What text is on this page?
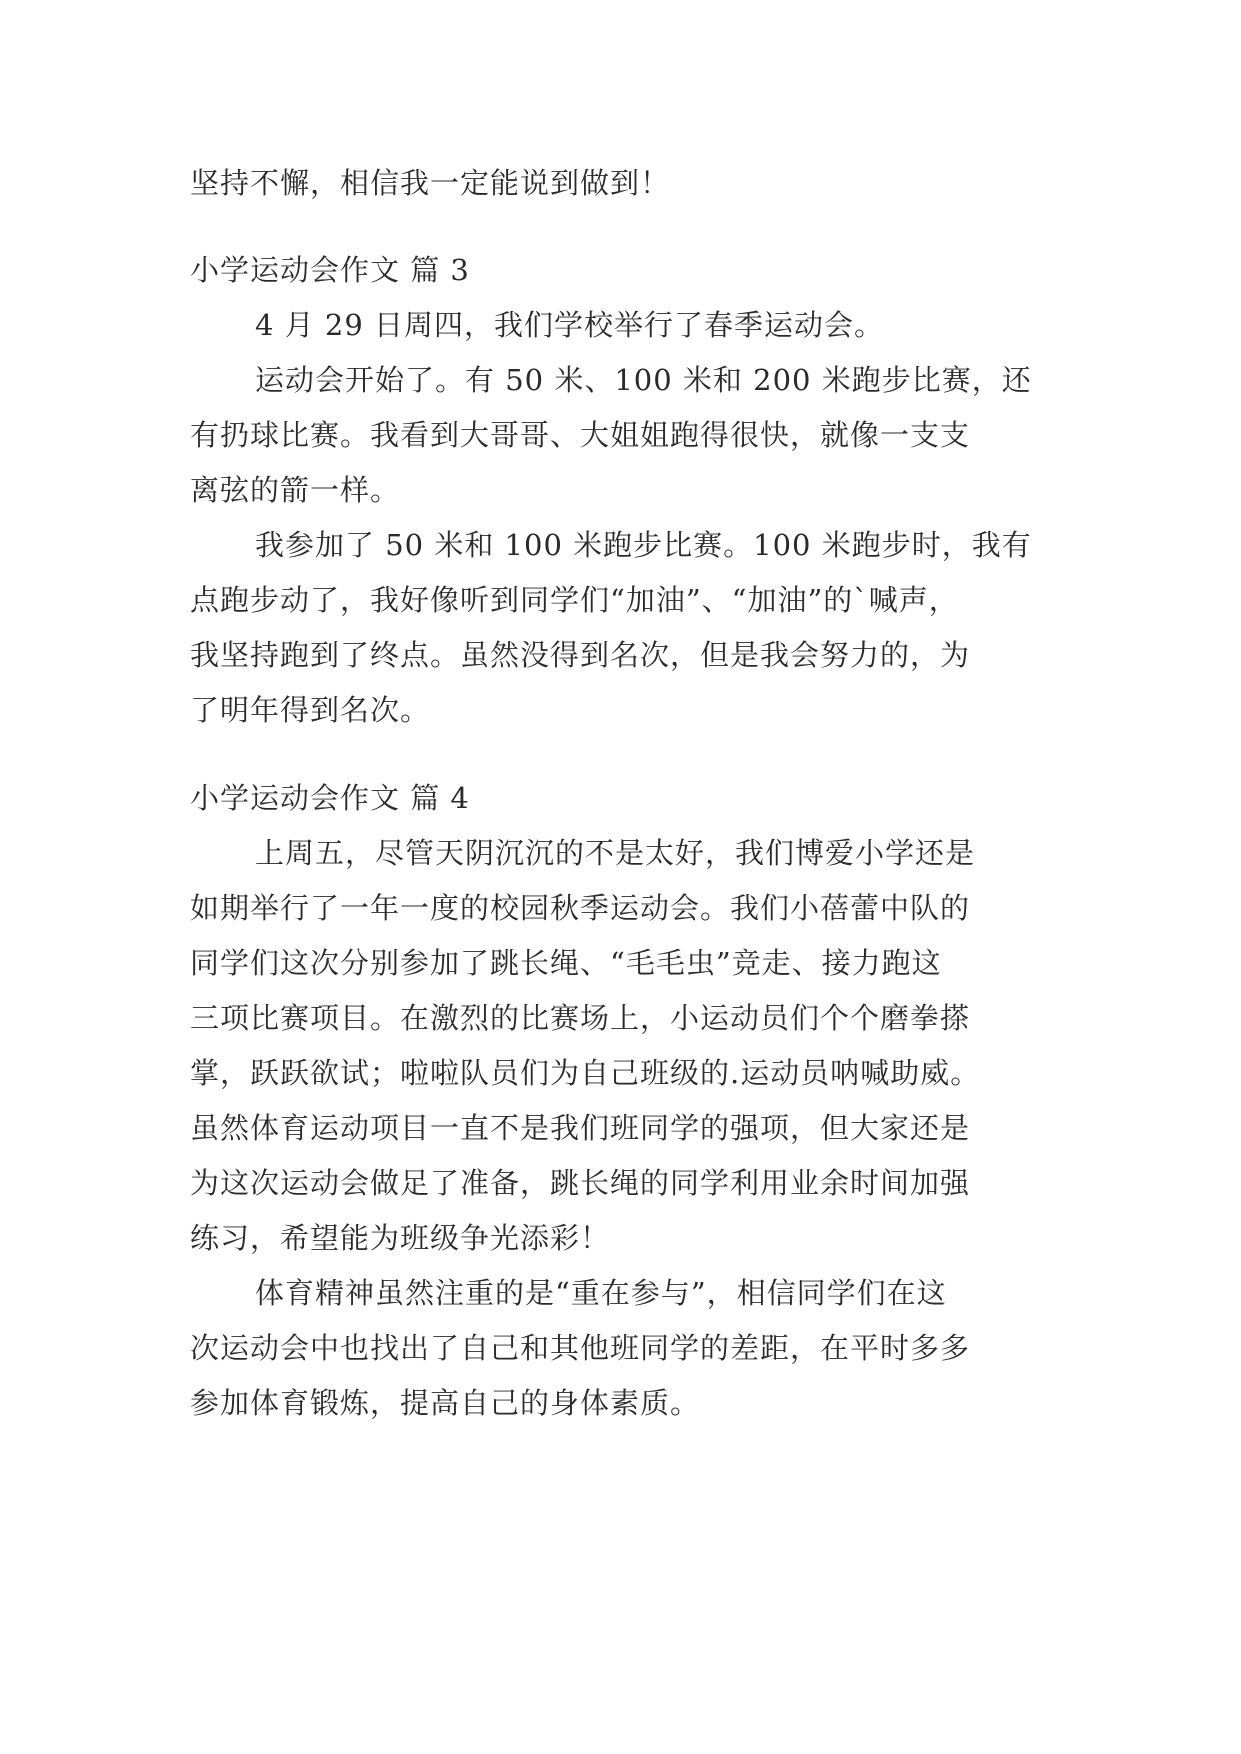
坚持不懈，相信我一定能说到做到！
小学运动会作文 篇 3
4 月 29 日周四，我们学校举行了春季运动会。
运动会开始了。有 50 米、100 米和 200 米跑步比赛，还
有扔球比赛。我看到大哥哥、大姐姐跑得很快，就像一支支
离弦的箭一样。
我参加了 50 米和 100 米跑步比赛。100 米跑步时，我有
点跑步动了，我好像听到同学们“加油”、“加油”的`喊声，
我坚持跑到了终点。虽然没得到名次，但是我会努力的，为
了明年得到名次。
小学运动会作文 篇 4
上周五，尽管天阴沉沉的不是太好，我们博爱小学还是
如期举行了一年一度的校园秋季运动会。我们小蓓蕾中队的
同学们这次分别参加了跳长绳、“毛毛虫”竞走、接力跑这
三项比赛项目。在激烈的比赛场上，小运动员们个个磨拳搽
掌，跃跃欲试；啦啦队员们为自己班级的.运动员呐喊助威。
虽然体育运动项目一直不是我们班同学的强项，但大家还是
为这次运动会做足了准备，跳长绳的同学利用业余时间加强
练习，希望能为班级争光添彩！
体育精神虽然注重的是“重在参与”，相信同学们在这
次运动会中也找出了自己和其他班同学的差距，在平时多多
参加体育锻炼，提高自己的身体素质。
